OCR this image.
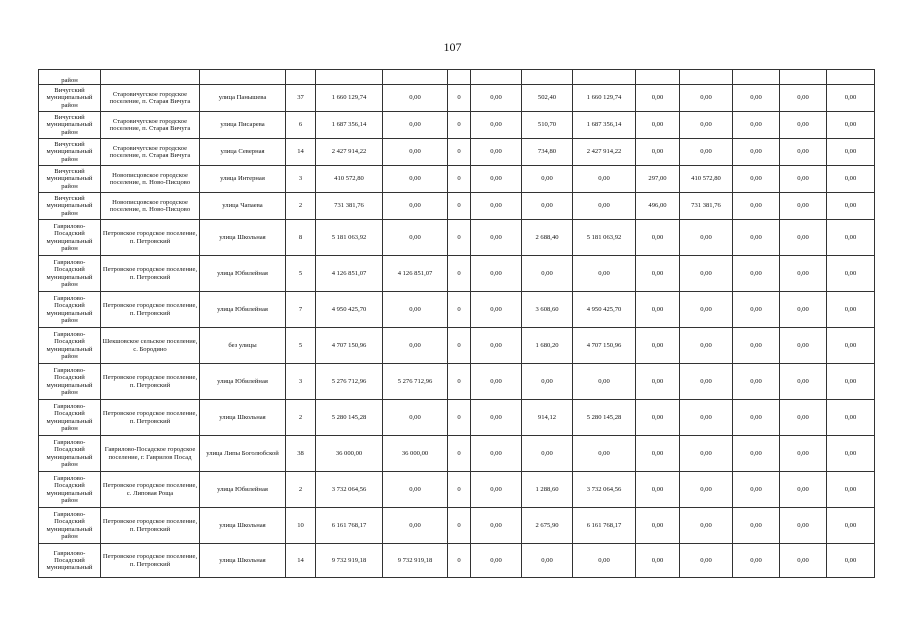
107
район														
Вичугский муниципальный район	Старовичугское городское поселение, п. Старая Вичуга	улица Панышева	37	1 660 129,74	0,00	0	0,00	502,40	1 660 129,74	0,00	0,00	0,00	0,00	0,00
Вичугский муниципальный район	Старовичугское городское поселение, п. Старая Вичуга	улица Писарева	6	1 687 356,14	0,00	0	0,00	510,70	1 687 356,14	0,00	0,00	0,00	0,00	0,00
Вичугский муниципальный район	Старовичугское городское поселение, п. Старая Вичуга	улица Северная	14	2 427 914,22	0,00	0	0,00	734,80	2 427 914,22	0,00	0,00	0,00	0,00	0,00
Вичугский муниципальный район	Новописцовское городское поселение, п. Ново-Писцово	улица Интерная	3	410 572,80	0,00	0	0,00	0,00	0,00	297,00	410 572,80	0,00	0,00	0,00
Вичугский муниципальный район	Новописцовское городское поселение, п. Ново-Писцово	улица Чапаева	2	731 381,76	0,00	0	0,00	0,00	0,00	496,00	731 381,76	0,00	0,00	0,00
Гаврилово-Посадский муниципальный район	Петровское городское поселение, п. Петровский	улица Школьная	8	5 181 063,92	0,00	0	0,00	2 688,40	5 181 063,92	0,00	0,00	0,00	0,00	0,00
Гаврилово-Посадский муниципальный район	Петровское городское поселение, п. Петровский	улица Юбилейная	5	4 126 851,07	4 126 851,07	0	0,00	0,00	0,00	0,00	0,00	0,00	0,00	0,00
Гаврилово-Посадский муниципальный район	Петровское городское поселение, п. Петровский	улица Юбилейная	7	4 950 425,70	0,00	0	0,00	3 608,60	4 950 425,70	0,00	0,00	0,00	0,00	0,00
Гаврилово-Посадский муниципальный район	Шекшовское сельское поселение, с. Бородино	без улицы	5	4 707 150,96	0,00	0	0,00	1 680,20	4 707 150,96	0,00	0,00	0,00	0,00	0,00
Гаврилово-Посадский муниципальный район	Петровское городское поселение, п. Петровский	улица Юбилейная	3	5 276 712,96	5 276 712,96	0	0,00	0,00	0,00	0,00	0,00	0,00	0,00	0,00
Гаврилово-Посадский муниципальный район	Петровское городское поселение, п. Петровский	улица Школьная	2	5 280 145,28	0,00	0	0,00	914,12	5 280 145,28	0,00	0,00	0,00	0,00	0,00
Гаврилово-Посадский муниципальный район	Гаврилово-Посадское городское поселение, г. Гаврилов Посад	улица Липы Боголюбской	38	36 000,00	36 000,00	0	0,00	0,00	0,00	0,00	0,00	0,00	0,00	0,00
Гаврилово-Посадский муниципальный район	Петровское городское поселение, с. Липовая Роща	улица Юбилейная	2	3 732 064,56	0,00	0	0,00	1 288,60	3 732 064,56	0,00	0,00	0,00	0,00	0,00
Гаврилово-Посадский муниципальный район	Петровское городское поселение, п. Петровский	улица Школьная	10	6 161 768,17	0,00	0	0,00	2 675,90	6 161 768,17	0,00	0,00	0,00	0,00	0,00
Гаврилово-Посадский муниципальный	Петровское городское поселение, п. Петровский	улица Школьная	14	9 732 919,18	9 732 919,18	0	0,00	0,00	0,00	0,00	0,00	0,00	0,00	0,00
